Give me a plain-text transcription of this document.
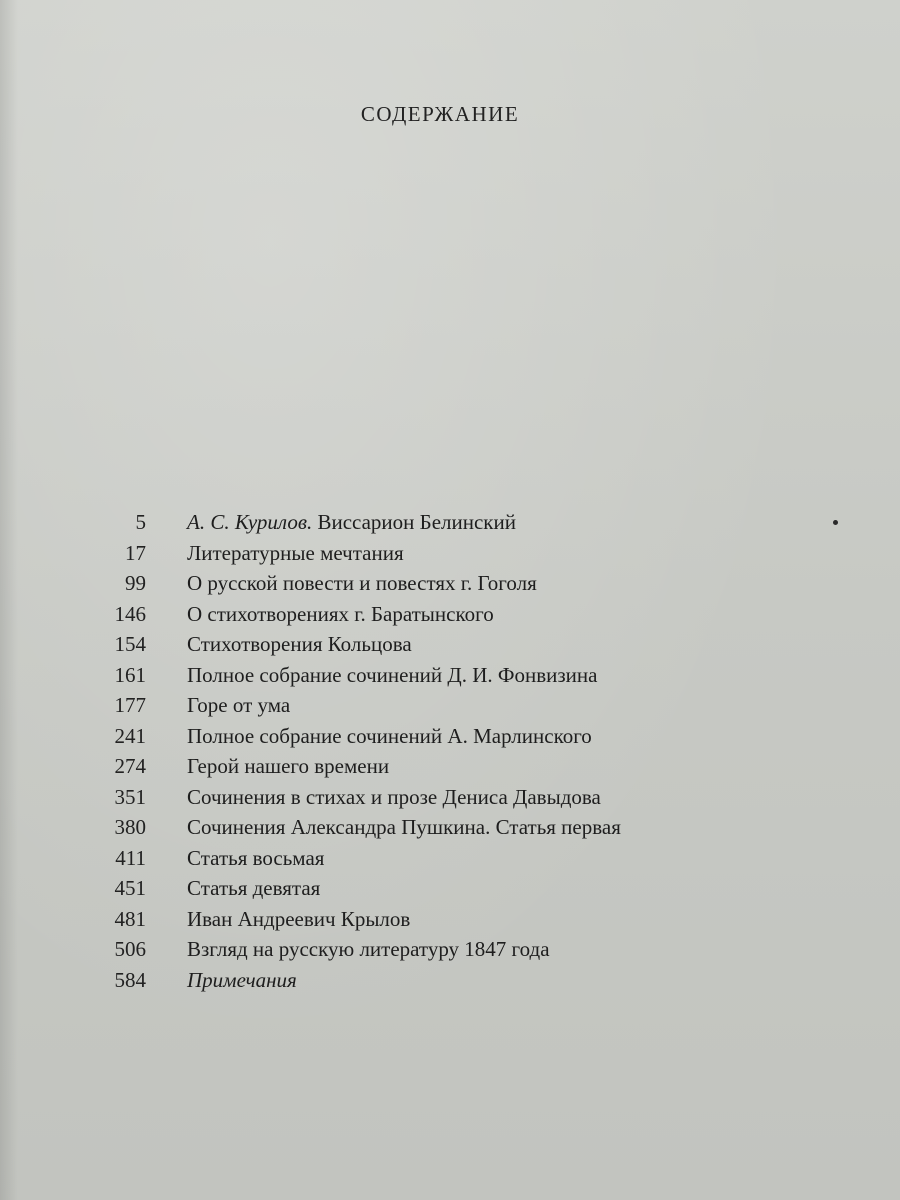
СОДЕРЖАНИЕ
5 А. С. Курилов. Виссарион Белинский
17 Литературные мечтания
99 О русской повести и повестях г. Гоголя
146 О стихотворениях г. Баратынского
154 Стихотворения Кольцова
161 Полное собрание сочинений Д. И. Фонвизина
177 Горе от ума
241 Полное собрание сочинений А. Марлинского
274 Герой нашего времени
351 Сочинения в стихах и прозе Дениса Давыдова
380 Сочинения Александра Пушкина. Статья первая
411 Статья восьмая
451 Статья девятая
481 Иван Андреевич Крылов
506 Взгляд на русскую литературу 1847 года
584 Примечания
